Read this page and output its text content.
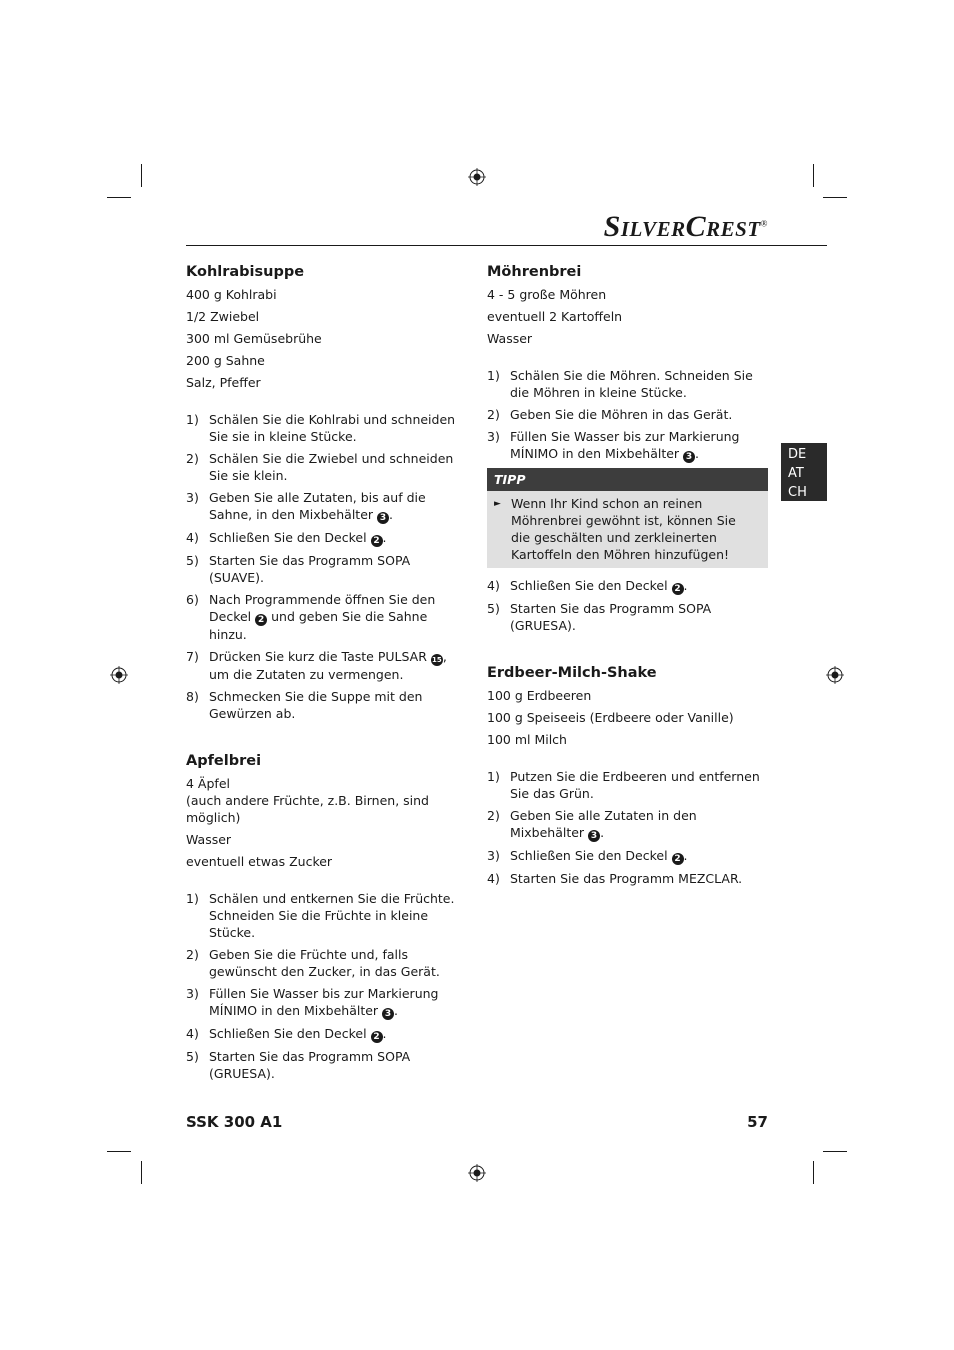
SILVERCREST®
DE
AT
CH
Kohlrabisuppe

400 g Kohlrabi

1/2 Zwiebel

300 ml Gemüsebrühe

200 g Sahne

Salz, Pfeffer

1) Schälen Sie die Kohlrabi und schneiden Sie sie in kleine Stücke.
2) Schälen Sie die Zwiebel und schneiden Sie sie klein.
3) Geben Sie alle Zutaten, bis auf die Sahne, in den Mixbehälter 3 .
4) Schließen Sie den Deckel 2 .
5) Starten Sie das Programm SOPA (SUAVE).
6) Nach Programmende öffnen Sie den Deckel 2 und geben Sie die Sahne hinzu.
7) Drücken Sie kurz die Taste PULSAR 15, um die Zutaten zu vermengen.
8) Schmecken Sie die Suppe mit den Gewürzen ab.
Apfelbrei

4 Äpfel
(auch andere Früchte, z.B. Birnen, sind möglich)

Wasser

eventuell etwas Zucker

1) Schälen und entkernen Sie die Früchte. Schneiden Sie die Früchte in kleine Stücke.
2) Geben Sie die Früchte und, falls gewünscht den Zucker, in das Gerät.
3) Füllen Sie Wasser bis zur Markierung MÍNIMO in den Mixbehälter 3 .
4) Schließen Sie den Deckel 2 .
5) Starten Sie das Programm SOPA (GRUESA).
Möhrenbrei

4 - 5 große Möhren

eventuell 2 Kartoffeln

Wasser

1) Schälen Sie die Möhren. Schneiden Sie die Möhren in kleine Stücke.
2) Geben Sie die Möhren in das Gerät.
3) Füllen Sie Wasser bis zur Markierung MÍNIMO in den Mixbehälter 3 .
TIPP
► Wenn Ihr Kind schon an reinen Möhrenbrei gewöhnt ist, können Sie die geschälten und zerkleinerten Kartoffeln den Möhren hinzufügen!
4) Schließen Sie den Deckel 2 .
5) Starten Sie das Programm SOPA (GRUESA).
Erdbeer-Milch-Shake

100 g Erdbeeren

100 g Speiseeis (Erdbeere oder Vanille)

100 ml Milch

1) Putzen Sie die Erdbeeren und entfernen Sie das Grün.
2) Geben Sie alle Zutaten in den Mixbehälter 3 .
3) Schließen Sie den Deckel 2 .
4) Starten Sie das Programm MEZCLAR.
SSK 300 A1	57
